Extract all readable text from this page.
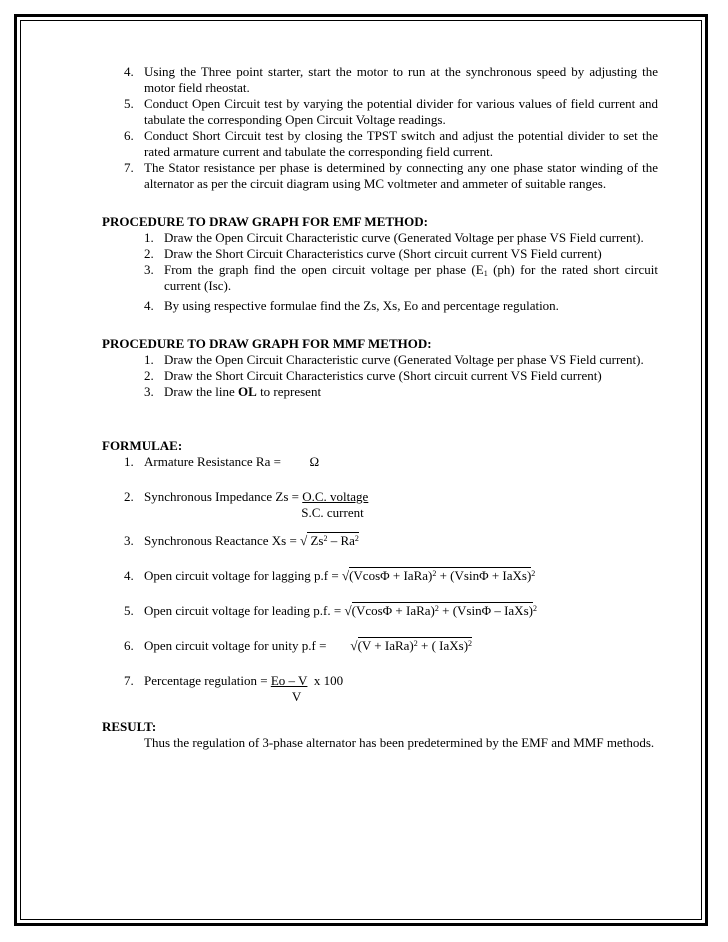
4. Using the Three point starter, start the motor to run at the synchronous speed by adjusting the motor field rheostat.
5. Conduct Open Circuit test by varying the potential divider for various values of field current and tabulate the corresponding Open Circuit Voltage readings.
6. Conduct Short Circuit test by closing the TPST switch and adjust the potential divider to set the rated armature current and tabulate the corresponding field current.
7. The Stator resistance per phase is determined by connecting any one phase stator winding of the alternator as per the circuit diagram using MC voltmeter and ammeter of suitable ranges.
PROCEDURE TO DRAW GRAPH FOR EMF METHOD:
1. Draw the Open Circuit Characteristic curve (Generated Voltage per phase VS Field current).
2. Draw the Short Circuit Characteristics curve (Short circuit current VS Field current)
3. From the graph find the open circuit voltage per phase ($E_1$ (ph) for the rated short circuit current (Isc).
4. By using respective formulae find the Zs, Xs, Eo and percentage regulation.
PROCEDURE TO DRAW GRAPH FOR MMF METHOD:
1. Draw the Open Circuit Characteristic curve (Generated Voltage per phase VS Field current).
2. Draw the Short Circuit Characteristics curve (Short circuit current VS Field current)
3. Draw the line OL to represent
FORMULAE:
1. Armature Resistance Ra = Ω
2. Synchronous Impedance Zs = O.C. voltage
S.C. current
3. Synchronous Reactance Xs = √ Zs$^2$ – Ra$^2$
4. Open circuit voltage for lagging p.f = √(VcosΦ + IaRa)$^2$ + (VsinΦ + IaXs)$^2$
5. Open circuit voltage for leading p.f. = √(VcosΦ + IaRa)$^2$ + (VsinΦ – IaXs)$^2$
6. Open circuit voltage for unity p.f = √(V + IaRa)$^2$ + ( IaXs)$^2$
7. Percentage regulation = $\frac{Eo - V}{V}$ x 100
RESULT:
Thus the regulation of 3-phase alternator has been predetermined by the EMF and MMF methods.
